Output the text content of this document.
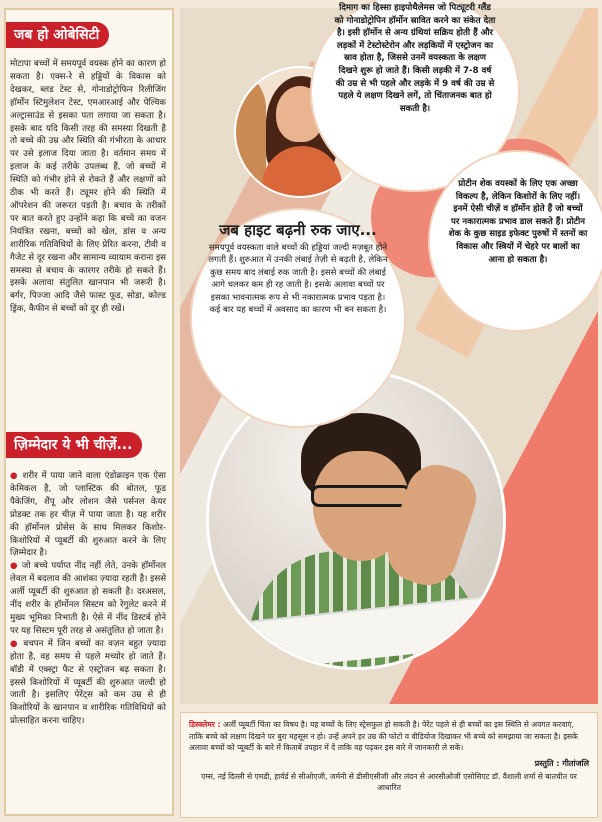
जब हो ओबेसिटी
मोटापा बच्चों में समयपूर्व वयस्क होने का कारण हो सकता है। एक्स-रे से हड्डियों के विकास को देखकर, ब्लड टेस्ट से, गोनाडोट्रोफिन रिलीजिंग हॉर्मोन स्टिमुलेशन टेस्ट, एमआरआई और पेल्विक अल्ट्रासाउंड से इसका पता लगाया जा सकता है। इसके बाद यदि किसी तरह की समस्या दिखती है तो बच्चे की उम्र और स्थिति की गंभीरता के आधार पर उसे इलाज दिया जाता है। वर्तमान समय में इलाज के कई तरीके उपलब्ध हैं, जो बच्चों में स्थिति को गंभीर होने से रोकते हैं और लक्षणों को ठीक भी करते हैं। ट्यूमर होने की स्थिति में ऑपरेशन की जरूरत पड़ती है। बचाव के तरीकों पर बात करते हुए उन्होंने कहा कि बच्चे का वजन नियंत्रित रखना, बच्चों को खेल, डांस व अन्य शारीरिक गतिविधियों के लिए प्रेरित करना, टीवी व गैजेट से दूर रखना और सामान्य व्यायाम कराना इस समस्या से बचाव के कारगर तरीके हो सकते हैं। इसके अलावा संतुलित खानपान भी जरूरी है। बर्गर, पिज्जा आदि जैसे फास्ट फूड, सोडा, कोल्ड ड्रिंक, कैफीन से बच्चों को दूर ही रखें।
ज़िम्मेदार ये भी चीज़ें...
● शरीर में पाया जाने वाला एंडोक्राइन एक ऐसा केमिकल है, जो प्लास्टिक की बोतल, फूड पैकेजिंग, शैंपू और लोशन जैसे पर्सनल केयर प्रोडक्ट तक हर चीज़ में पाया जाता है। यह शरीर की हॉर्मोनल प्रोसेस के साथ मिलकर किशोर-किशोरियों में प्यूबर्टी की शुरुआत करने के लिए ज़िम्मेदार है।
● जो बच्चे पर्याप्त नींद नहीं लेते, उनके हॉर्मोनल लेवल में बदलाव की आशंका ज़्यादा रहती है। इससे अर्ली प्यूबर्टी की शुरुआत हो सकती है। दरअसल, नींद शरीर के हॉर्मोनल सिस्टम को रेगुलेट करने में मुख्य भूमिका निभाती है। ऐसे में नींद डिस्टर्ब होने पर यह सिस्टम पूरी तरह से असंतुलित हो जाता है।
● बचपन में जिन बच्चों का वज़न बहुत ज़्यादा होता है, वह समय से पहले मच्योर हो जाते हैं। बॉडी में एक्स्ट्रा फैट से एस्ट्रोजन बढ़ सकता है। इससे किशोरियों में प्यूबर्टी की शुरुआत जल्दी हो जाती है। इसलिए पेरेंट्स को कम उम्र से ही किशोरियों के खानपान व शारीरिक गतिविधियों को प्रोत्साहित करना चाहिए।
दिमाग का हिस्सा हाइपोथैलेमस जो पिट्यूटरी ग्लैंड को गोनाडोट्रोपिन हॉर्मोन स्रावित करने का संकेत देता है। इसी हॉर्मोन से अन्य ग्रंथियां सक्रिय होती हैं और लड़कों में टेस्टोस्टेरोन और लड़कियों में एस्ट्रोजन का स्राव होता है, जिससे उनमें वयस्कता के लक्षण दिखने शुरू हो जाते हैं। किसी लड़की में 7-8 वर्ष की उम्र से भी पहले और लड़के में 9 वर्ष की उम्र से पहले ये लक्षण दिखने लगें, तो चिंताजनक बात हो सकती है।
प्रोटीन शेक वयस्कों के लिए एक अच्छा विकल्प है, लेकिन किशोरों के लिए नहीं। इनमें ऐसी चीज़ें व हॉर्मोन होते हैं जो बच्चों पर नकारात्मक प्रभाव डाल सकते हैं। प्रोटीन शेक के कुछ साइड इफेक्ट पुरुषों में स्तनों का विकास और स्त्रियों में चेहरे पर बालों का आना हो सकता है।
जब हाइट बढ़नी रुक जाए...
समयपूर्व वयस्कता वाले बच्चों की हड्डियां जल्दी मज़बूत होने लगती हैं। शुरुआत में उनकी लंबाई तेज़ी से बढ़ती है, लेकिन कुछ समय बाद लंबाई रुक जाती है। इससे बच्चों की लंबाई आगे चलकर कम ही रह जाती है। इसके अलावा बच्चों पर इसका भावनात्मक रूप से भी नकारात्मक प्रभाव पड़ता है। कई बार यह बच्चों में अवसाद का कारण भी बन सकता है।
डिस्क्लेमर : अर्ली प्यूबर्टी चिंता का विषय है। यह बच्चों के लिए स्ट्रेसफुल हो सकती है। पेरेंट पहले से ही बच्चों का इस स्थिति से अवगत करवाएं, ताकि बच्चे को लक्षण दिखने पर बुरा महसूस न हो। उन्हें अपने हर उम्र की फोटो व वीडियोज दिखाकर भी बच्चे को समझाया जा सकता है। इसके अलावा बच्चों को प्यूबर्टी के बारे में किताबें उपहार में दें ताकि वह पढ़कर इस बारे में जानकारी ले सकें।
प्रस्तुति : गीतांजलि
एम्स, नई दिल्ली से एमडी, हार्वर्ड से सीओएजी, जर्मनी से डीसीएसीजी और लंदन से आरसीओजी एसोसिएट डॉ. वैशाली शर्मा से बातचीत पर आधारित
